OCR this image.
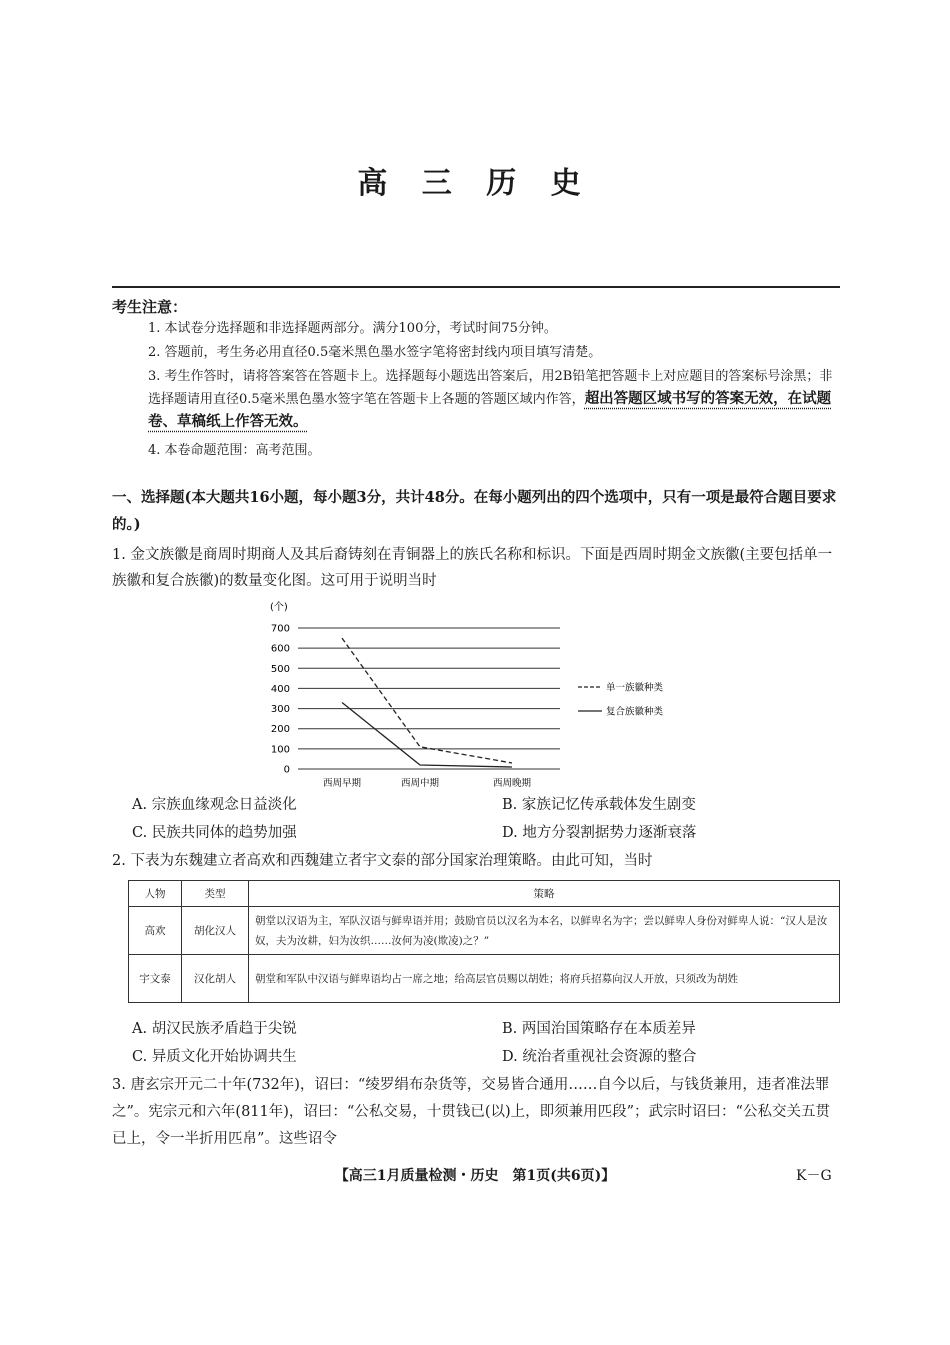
高 三 历 史
考生注意：
1. 本试卷分选择题和非选择题两部分。满分100分，考试时间75分钟。
2. 答题前，考生务必用直径0.5毫米黑色墨水签字笔将密封线内项目填写清楚。
3. 考生作答时，请将答案答在答题卡上。选择题每小题选出答案后，用2B铅笔把答题卡上对应题目的答案标号涂黑；非选择题请用直径0.5毫米黑色墨水签字笔在答题卡上各题的答题区域内作答，超出答题区域书写的答案无效，在试题卷、草稿纸上作答无效。
4. 本卷命题范围：高考范围。
一、选择题(本大题共16小题，每小题3分，共计48分。在每小题列出的四个选项中，只有一项是最符合题目要求的。)
1. 金文族徽是商周时期商人及其后裔铸刻在青铜器上的族氏名称和标识。下面是西周时期金文族徽(主要包括单一族徽和复合族徽)的数量变化图。这可用于说明当时
0
100
200
300
400
500
600
700
西周早期	西周中期	西周晚期
单一族徽种类
复合族徽种类
(个)
A. 宗族血缘观念日益淡化	B. 家族记忆传承载体发生剧变
C. 民族共同体的趋势加强	D. 地方分裂割据势力逐渐衰落
2. 下表为东魏建立者高欢和西魏建立者宇文泰的部分国家治理策略。由此可知，当时
人物	类型	策略
高欢	胡化汉人	朝堂以汉语为主，军队汉语与鲜卑语并用；鼓励官员以汉名为本名，以鲜卑名为字；尝以鲜卑人身份对鲜卑人说：“汉人是汝奴，夫为汝耕，妇为汝织……汝何为凌(欺凌)之？”
宇文泰	汉化胡人	朝堂和军队中汉语与鲜卑语均占一席之地；给高层官员赐以胡姓；将府兵招募向汉人开放，只须改为胡姓
A. 胡汉民族矛盾趋于尖锐	B. 两国治国策略存在本质差异
C. 异质文化开始协调共生	D. 统治者重视社会资源的整合
3. 唐玄宗开元二十年(732年)，诏曰：“绫罗绢布杂货等，交易皆合通用……自今以后，与钱货兼用，违者准法罪之”。宪宗元和六年(811年)，诏曰：“公私交易，十贯钱已(以)上，即须兼用匹段”；武宗时诏曰：“公私交关五贯已上，令一半折用匹帛”。这些诏令
【高三1月质量检测・历史　第1页(共6页)】	K－G
